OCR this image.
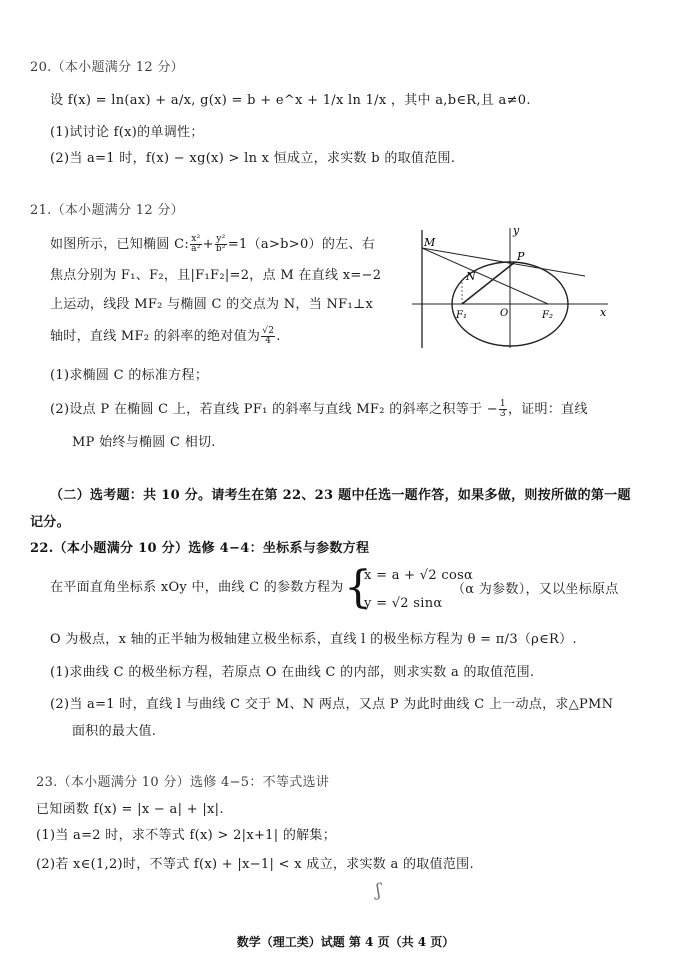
20.（本小题满分 12 分）
设 f(x) = ln(ax) + a/x, g(x) = b + e^x + 1/x ln 1/x ，其中 a,b∈R,且 a≠0.
(1)试讨论 f(x)的单调性；
(2)当 a=1 时，f(x) − xg(x) > ln x 恒成立，求实数 b 的取值范围.
21.（本小题满分 12 分）
如图所示，已知椭圆 C: $\frac{\text{x²}}{\text{a²}} + \frac{\text{y²}}{\text{b²}} =1(a>b>0)$的左、右
焦点分别为 F₁、F₂，且|F₁F₂|=2，点 M 在直线 x=−2
上运动，线段 MF₂ 与椭圆 C 的交点为 N，当 NF₁⊥x
轴时，直线 MF₂ 的斜率的绝对值为 $\frac{√2}{4}$ .
(1)求椭圆 C 的标准方程；
(2)设点 P 在椭圆 C 上，若直线 PF₁ 的斜率与直线 MF₂ 的斜率之积等于 − $\frac{1}{3}$ ，证明：直线
MP 始终与椭圆 C 相切.
M
y
P
N
F₁	O	F₂	x
（二）选考题：共 10 分。请考生在第 22、23 题中任选一题作答，如果多做，则按所做的第一题
记分。
22.（本小题满分 10 分）选修 4−4：坐标系与参数方程
在平面直角坐标系 xOy 中，曲线 C 的参数方程为 {
x = a + √2 cosα
（α 为参数），又以坐标原点
y = √2 sinα
O 为极点，x 轴的正半轴为极轴建立极坐标系，直线 l 的极坐标方程为 θ = π/3（ρ∈R）.
(1)求曲线 C 的极坐标方程，若原点 O 在曲线 C 的内部，则求实数 a 的取值范围.
(2)当 a=1 时，直线 l 与曲线 C 交于 M、N 两点，又点 P 为此时曲线 C 上一动点，求△PMN
面积的最大值.
23.（本小题满分 10 分）选修 4−5：不等式选讲
已知函数 f(x) = |x − a| + |x|.
(1)当 a=2 时，求不等式 f(x) > 2|x+1| 的解集；
(2)若 x∈(1,2)时，不等式 f(x) + |x−1| < x 成立，求实数 a 的取值范围.
ʃ
数学（理工类）试题 第 4 页（共 4 页）
